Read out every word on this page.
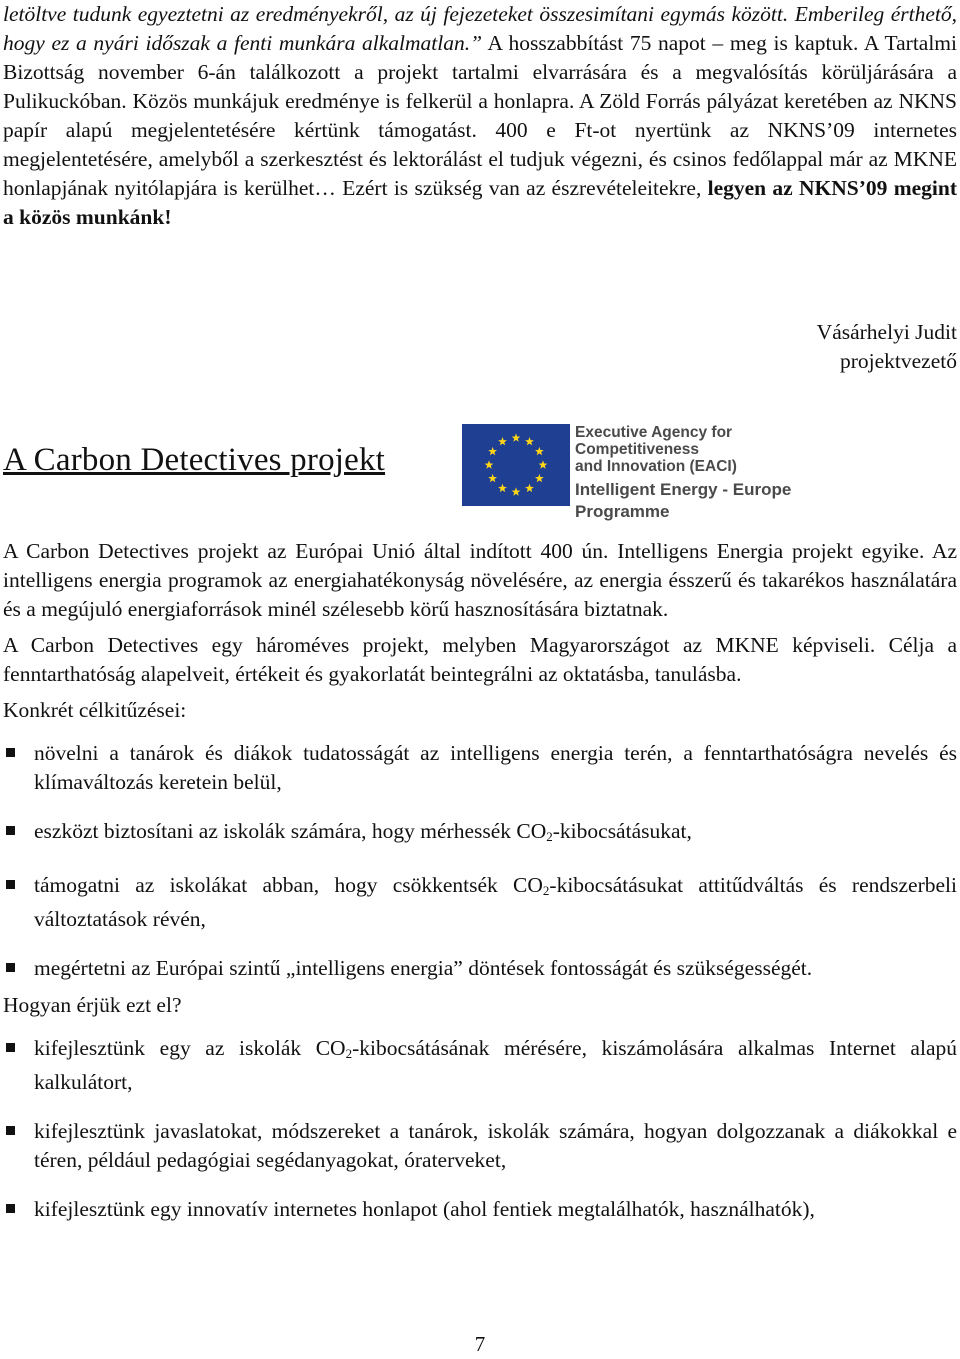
letöltve tudunk egyeztetni az eredményekről, az új fejezeteket összesimítani egymás között. Emberileg érthető, hogy ez a nyári időszak a fenti munkára alkalmatlan.” A hosszabbítást 75 napot – meg is kaptuk. A Tartalmi Bizottság november 6-án találkozott a projekt tartalmi elvarrására és a megvalósítás körüljárására a Pulikuckóban. Közös munkájuk eredménye is felkerül a honlapra. A Zöld Forrás pályázat keretében az NKNS papír alapú megjelentetésére kértünk támogatást. 400 e Ft-ot nyertünk az NKNS’09 internetes megjelentetésére, amelyből a szerkesztést és lektorálást el tudjuk végezni, és csinos fedőlappal már az MKNE honlapjának nyitólapjára is kerülhet… Ezért is szükség van az észrevételeitekre, legyen az NKNS’09 megint a közös munkánk!

Vásárhelyi Judit
projektvezető
A Carbon Detectives projekt

Executive Agency for Competitiveness
and Innovation (EACI)

Intelligent Energy - Europe
Programme

A Carbon Detectives projekt az Európai Unió által indított 400 ún. Intelligens Energia projekt egyike. Az intelligens energia programok az energiahatékonyság növelésére, az energia ésszerű és takarékos használatára és a megújuló energiaforrások minél szélesebb körű hasznosítására biztatnak.

A Carbon Detectives egy hároméves projekt, melyben Magyarországot az MKNE képviseli. Célja a fenntarthatóság alapelveit, értékeit és gyakorlatát beintegrálni az oktatásba, tanulásba.

Konkrét célkitűzései:

növelni a tanárok és diákok tudatosságát az intelligens energia terén, a fenntarthatóságra nevelés és klímaváltozás keretein belül,
eszközt biztosítani az iskolák számára, hogy mérhessék $CO_2$-kibocsátásukat,
támogatni az iskolákat abban, hogy csökkentsék $CO_2$-kibocsátásukat attitűdváltás és rendszerbeli változtatások révén,
megértetni az Európai szintű „intelligens energia” döntések fontosságát és szükségességét.

Hogyan érjük ezt el?

kifejlesztünk egy az iskolák $CO_2$-kibocsátásának mérésére, kiszámolására alkalmas Internet alapú kalkulátort,
kifejlesztünk javaslatokat, módszereket a tanárok, iskolák számára, hogyan dolgozzanak a diákokkal e téren, például pedagógiai segédanyagokat, óraterveket,
kifejlesztünk egy innovatív internetes honlapot (ahol fentiek megtalálhatók, használhatók),
7
